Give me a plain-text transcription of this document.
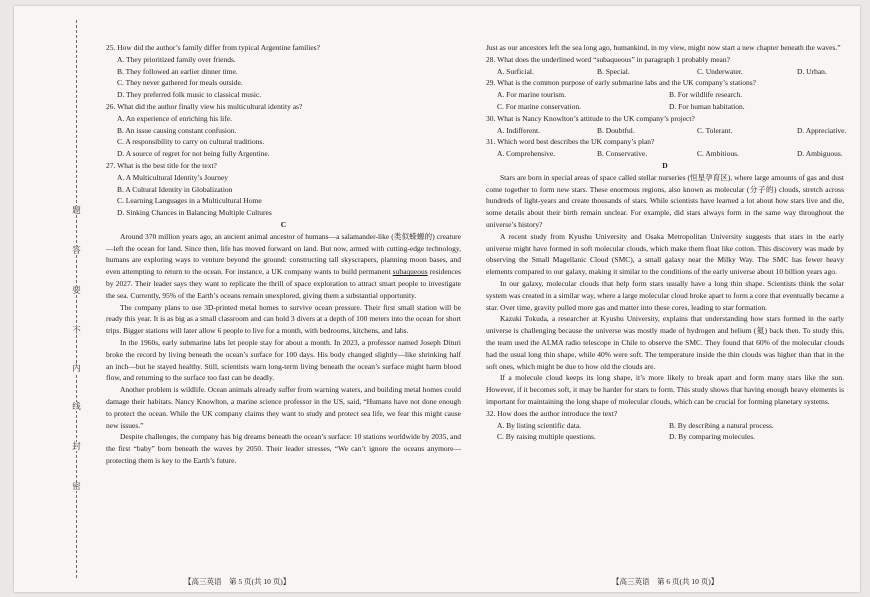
题
答
要
不
内
线
封
密

25. How did the author’s family differ from typical Argentine families?

A. They prioritized family over friends.

B. They followed an earlier dinner time.

C. They never gathered for meals outside.

D. They preferred folk music to classical music.

26. What did the author finally view his multicultural identity as?

A. An experience of enriching his life.

B. An issue causing constant confusion.

C. A responsibility to carry on cultural traditions.

D. A source of regret for not being fully Argentine.

27. What is the best title for the text?

A. A Multicultural Identity’s Journey

B. A Cultural Identity in Globalization

C. Learning Languages in a Multicultural Home

D. Sinking Chances in Balancing Multiple Cultures

C

Around 370 million years ago, an ancient animal ancestor of humans—a salamander-like (类似蝾螈的) creature—left the ocean for land. Since then, life has moved forward on land. But now, armed with cutting-edge technology, humans are exploring ways to venture beyond the ground: constructing tall skyscrapers, planning moon bases, and even attempting to return to the ocean. For instance, a UK company wants to build permanent subaqueous residences by 2027. Their leader says they want to replicate the thrill of space exploration to attract smart people to investigate the sea. Currently, 95% of the Earth’s oceans remain unexplored, giving them a substantial opportunity.

The company plans to use 3D-printed metal homes to survive ocean pressure. Their first small station will be ready this year. It is as big as a small classroom and can hold 3 divers at a depth of 100 meters into the ocean for short trips. Bigger stations will later allow 6 people to live for a month, with bedrooms, kitchens, and labs.

In the 1960s, early submarine labs let people stay for about a month. In 2023, a professor named Joseph Dituri broke the record by living beneath the ocean’s surface for 100 days. His body changed slightly—like shrinking half an inch—but he stayed healthy. Still, scientists warn long-term living beneath the ocean’s surface might harm blood flow, and returning to the surface too fast can be deadly.

Another problem is wildlife. Ocean animals already suffer from warning waters, and building metal homes could damage their habitats. Nancy Knowlton, a marine science professor in the US, said, “Humans have not done enough to protect the ocean. While the UK company claims they want to study and protect sea life, we fear this might cause new issues.”

Despite challenges, the company has big dreams beneath the ocean’s surface: 10 stations worldwide by 2035, and the first “baby” born beneath the waves by 2050. Their leader stresses, “We can’t ignore the oceans anymore—protecting them is key to the Earth’s future.

Just as our ancestors left the sea long ago, humankind, in my view, might now start a new chapter beneath the waves.”

28. What does the underlined word “subaqueous” in paragraph 1 probably mean?

A. Surficial.	B. Special.	C. Underwater.	D. Urban.

29. What is the common purpose of early submarine labs and the UK company’s stations?

A. For marine tourism.	B. For wildlife research.
C. For marine conservation.	D. For human habitation.

30. What is Nancy Knowlton’s attitude to the UK company’s project?

A. Indifferent.	B. Doubtful.	C. Tolerant.	D. Appreciative.

31. Which word best describes the UK company’s plan?

A. Comprehensive.	B. Conservative.	C. Ambitious.	D. Ambiguous.

D

Stars are born in special areas of space called stellar nurseries (恒星孕育区), where large amounts of gas and dust come together to form new stars. These enormous regions, also known as molecular (分子的) clouds, stretch across hundreds of light-years and create thousands of stars. While scientists have learned a lot about how stars live and die, some details about their birth remain unclear. For example, did stars always form in the same way throughout the universe’s history?

A recent study from Kyushu University and Osaka Metropolitan University suggests that stars in the early universe might have formed in soft molecular clouds, which make them float like cotton. This discovery was made by observing the Small Magellanic Cloud (SMC), a small galaxy near the Milky Way. The SMC has fewer heavy elements compared to our galaxy, making it similar to the conditions of the early universe about 10 billion years ago.

In our galaxy, molecular clouds that help form stars usually have a long thin shape. Scientists think the solar system was created in a similar way, where a large molecular cloud broke apart to form a core that eventually became a star. Over time, gravity pulled more gas and matter into these cores, leading to star formation.

Kazuki Tokuda, a researcher at Kyushu University, explains that understanding how stars formed in the early universe is challenging because the universe was mostly made of hydrogen and helium (氦) back then. To study this, the team used the ALMA radio telescope in Chile to observe the SMC. They found that 60% of the molecular clouds had the usual long thin shape, while 40% were soft. The temperature inside the thin clouds was higher than that in the soft ones, which might be due to how old the clouds are.

If a molecule cloud keeps its long shape, it’s more likely to break apart and form many stars like the sun. However, if it becomes soft, it may be harder for stars to form. This study shows that having enough heavy elements is important for maintaining the long shape of molecular clouds, which can be crucial for forming planetary systems.

32. How does the author introduce the text?

A. By listing scientific data.	B. By describing a natural process.
C. By raising multiple questions.	D. By comparing molecules.
【高三英语　第 5 页(共 10 页)】	【高三英语　第 6 页(共 10 页)】
